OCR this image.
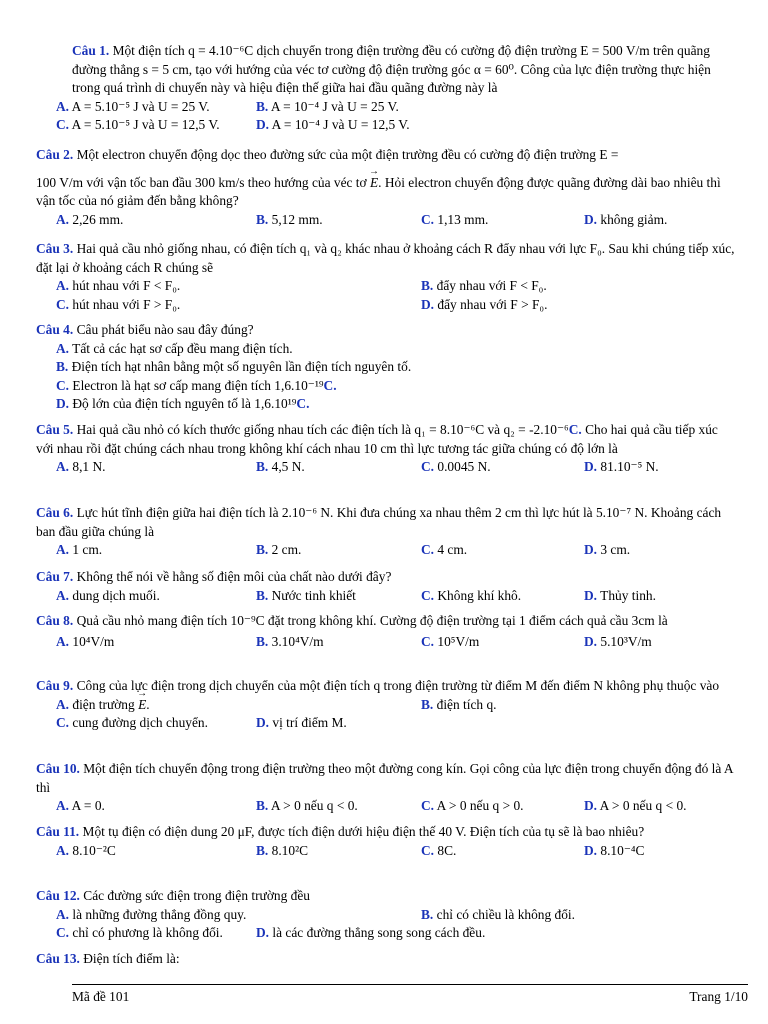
Câu 1. Một điện tích q = 4.10⁻⁶C dịch chuyển trong điện trường đều có cường độ điện trường E = 500 V/m trên quãng đường thẳng s = 5 cm, tạo với hướng của véc tơ cường độ điện trường góc α = 60⁰. Công của lực điện trường thực hiện trong quá trình di chuyển này và hiệu điện thế giữa hai đầu quãng đường này là

A. A = 5.10⁻⁵ J và U = 25 V.	B. A = 10⁻⁴ J và U = 25 V.
C. A = 5.10⁻⁵ J và U = 12,5 V.	D. A = 10⁻⁴ J và U = 12,5 V.

Câu 2. Một electron chuyển động dọc theo đường sức của một điện trường đều có cường độ điện trường E =

100 V/m với vận tốc ban đầu 300 km/s theo hướng của véc tơ → E. Hỏi electron chuyển động được quãng đường dài bao nhiêu thì vận tốc của nó giảm đến bằng không?

A. 2,26 mm.	B. 5,12 mm.	C. 1,13 mm.	D. không giảm.

Câu 3. Hai quả cầu nhỏ giống nhau, có điện tích q₁ và q₂ khác nhau ở khoảng cách R đẩy nhau với lực F₀. Sau khi chúng tiếp xúc, đặt lại ở khoảng cách R chúng sẽ

A. hút nhau với F < F₀.	B. đẩy nhau với F < F₀.
C. hút nhau với F > F₀.	D. đẩy nhau với F > F₀.

Câu 4. Câu phát biểu nào sau đây đúng?

A. Tất cả các hạt sơ cấp đều mang điện tích.
B. Điện tích hạt nhân bằng một số nguyên lần điện tích nguyên tố.
C. Electron là hạt sơ cấp mang điện tích 1,6.10⁻¹⁹C.
D. Độ lớn của điện tích nguyên tố là 1,6.10¹⁹C.

Câu 5. Hai quả cầu nhỏ có kích thước giống nhau tích các điện tích là q₁ = 8.10⁻⁶C và q₂ = -2.10⁻⁶C. Cho hai quả cầu tiếp xúc với nhau rồi đặt chúng cách nhau trong không khí cách nhau 10 cm thì lực tương tác giữa chúng có độ lớn là

A. 8,1 N.	B. 4,5 N.	C. 0.0045 N.	D. 81.10⁻⁵ N.

Câu 6. Lực hút tĩnh điện giữa hai điện tích là 2.10⁻⁶ N. Khi đưa chúng xa nhau thêm 2 cm thì lực hút là 5.10⁻⁷ N. Khoảng cách ban đầu giữa chúng là

A. 1 cm.	B. 2 cm.	C. 4 cm.	D. 3 cm.

Câu 7. Không thể nói về hằng số điện môi của chất nào dưới đây?

A. dung dịch muối.	B. Nước tinh khiết	C. Không khí khô.	D. Thủy tinh.

Câu 8. Quả cầu nhỏ mang điện tích 10⁻⁹C đặt trong không khí. Cường độ điện trường tại 1 điểm cách quả cầu 3cm là

A. 10⁴V/m	B. 3.10⁴V/m	C. 10⁵V/m	D. 5.10³V/m

Câu 9. Công của lực điện trong dịch chuyển của một điện tích q trong điện trường từ điểm M đến điểm N không phụ thuộc vào

A. điện trường → E.	B. điện tích q.
C. cung đường dịch chuyển.	D. vị trí điểm M.

Câu 10. Một điện tích chuyển động trong điện trường theo một đường cong kín. Gọi công của lực điện trong chuyển động đó là A thì

A. A = 0.	B. A > 0 nếu q < 0.	C. A > 0 nếu q > 0.	D. A > 0 nếu q < 0.

Câu 11. Một tụ điện có điện dung 20 μF, được tích điện dưới hiệu điện thế 40 V. Điện tích của tụ sẽ là bao nhiêu?

A. 8.10⁻²C	B. 8.10²C	C. 8C.	D. 8.10⁻⁴C

Câu 12. Các đường sức điện trong điện trường đều

A. là những đường thẳng đồng quy.	B. chỉ có chiều là không đổi.
C. chỉ có phương là không đổi. D. là các đường thẳng song song cách đều.

Câu 13. Điện tích điểm là:

Mã đề 101	Trang 1/10
